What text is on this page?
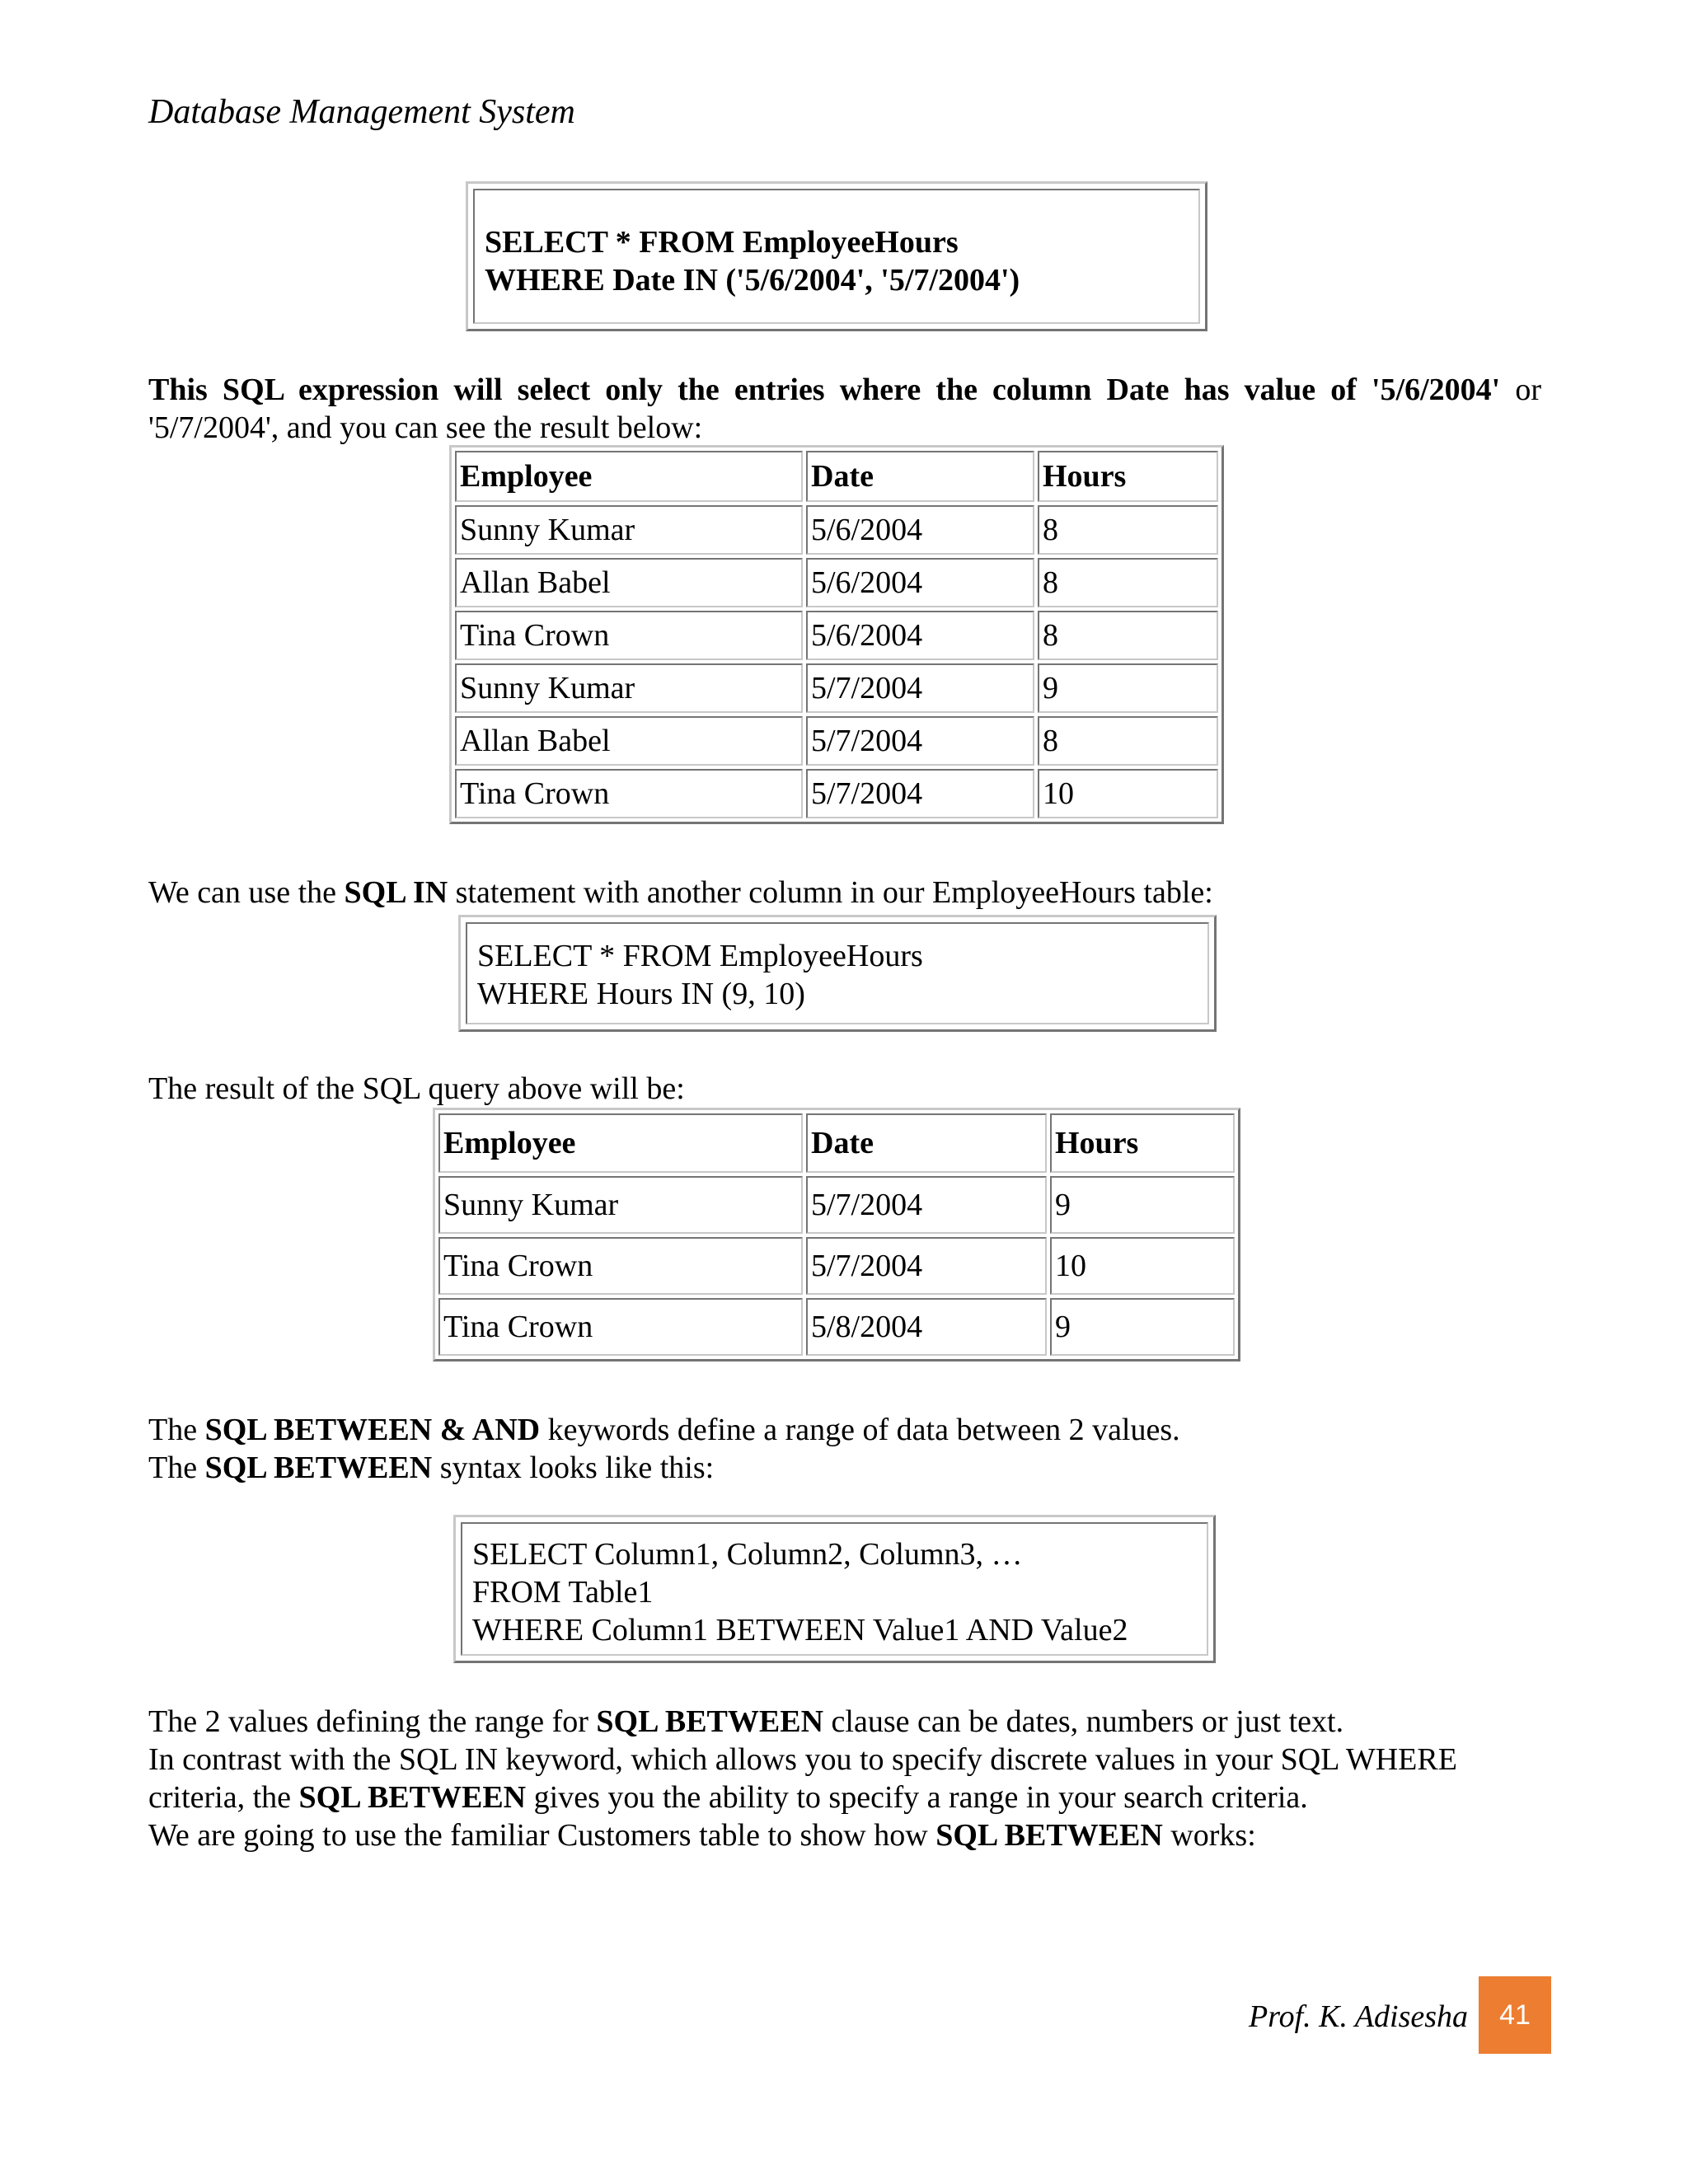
Database Management System
SELECT * FROM EmployeeHours
WHERE Date IN ('5/6/2004', '5/7/2004')
This SQL expression will select only the entries where the column Date has value of '5/6/2004' or '5/7/2004', and you can see the result below:
Employee	Date	Hours
Sunny Kumar	5/6/2004	8
Allan Babel	5/6/2004	8
Tina Crown	5/6/2004	8
Sunny Kumar	5/7/2004	9
Allan Babel	5/7/2004	8
Tina Crown	5/7/2004	10
We can use the SQL IN statement with another column in our EmployeeHours table:
SELECT * FROM EmployeeHours
WHERE Hours IN (9, 10)
The result of the SQL query above will be:
Employee	Date	Hours
Sunny Kumar	5/7/2004	9
Tina Crown	5/7/2004	10
Tina Crown	5/8/2004	9
The SQL BETWEEN & AND keywords define a range of data between 2 values.
The SQL BETWEEN syntax looks like this:
SELECT Column1, Column2, Column3, …
FROM Table1
WHERE Column1 BETWEEN Value1 AND Value2
The 2 values defining the range for SQL BETWEEN clause can be dates, numbers or just text.
In contrast with the SQL IN keyword, which allows you to specify discrete values in your SQL WHERE
criteria, the SQL BETWEEN gives you the ability to specify a range in your search criteria.
We are going to use the familiar Customers table to show how SQL BETWEEN works:
Prof. K. Adisesha	41
